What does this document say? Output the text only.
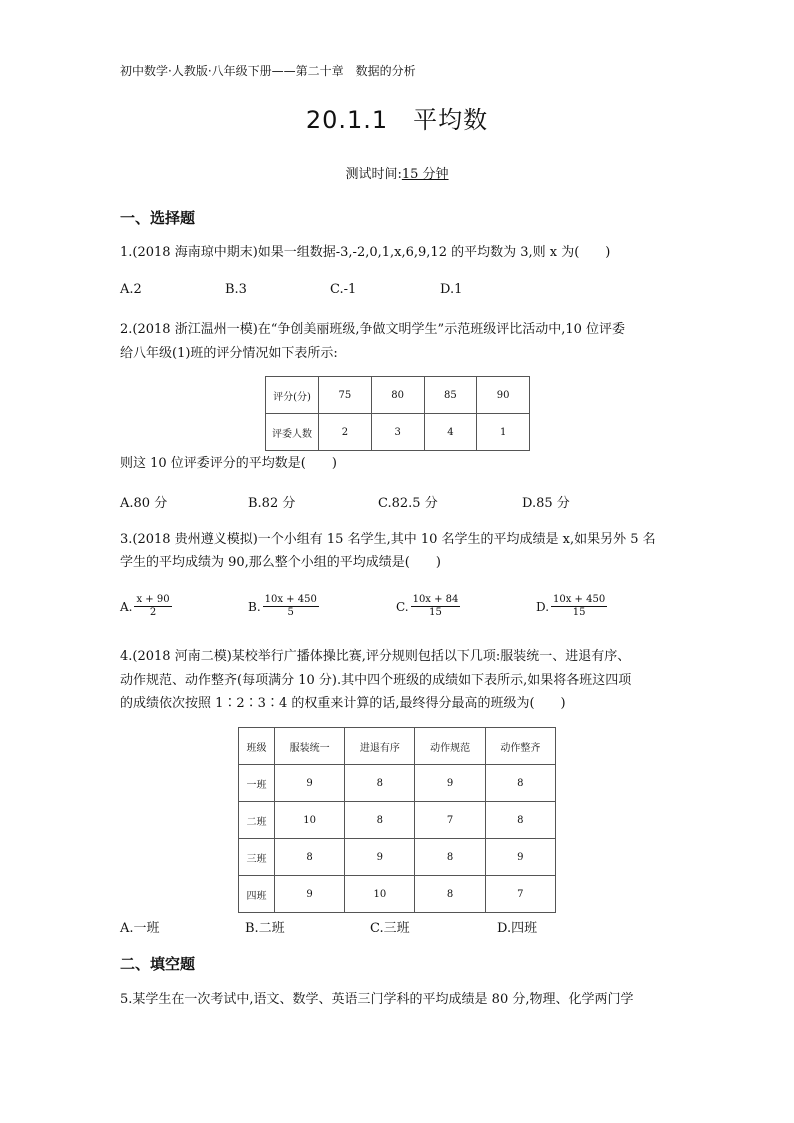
初中数学·人教版·八年级下册——第二十章　数据的分析
20.1.1　平均数
测试时间:15 分钟
一、选择题
1.(2018 海南琼中期末)如果一组数据-3,-2,0,1,x,6,9,12 的平均数为 3,则 x 为(　　)
A.2	B.3	C.-1	D.1
2.(2018 浙江温州一模)在“争创美丽班级,争做文明学生”示范班级评比活动中,10 位评委
给八年级(1)班的评分情况如下表所示:
评分(分)	75	80	85	90
评委人数	2	3	4	1
则这 10 位评委评分的平均数是(　　)
A.80 分	B.82 分	C.82.5 分	D.85 分
3.(2018 贵州遵义模拟)一个小组有 15 名学生,其中 10 名学生的平均成绩是 x,如果另外 5 名
学生的平均成绩为 90,那么整个小组的平均成绩是(　　)
A. $\frac{x + 90}{2}$	B. $\frac{10x + 450}{5}$	C. $\frac{10x + 84}{15}$	D. $\frac{10x + 450}{15}$
4.(2018 河南二模)某校举行广播体操比赛,评分规则包括以下几项:服装统一、进退有序、
动作规范、动作整齐(每项满分 10 分).其中四个班级的成绩如下表所示,如果将各班这四项
的成绩依次按照 1∶2∶3∶4 的权重来计算的话,最终得分最高的班级为(　　)
班级	服装统一	进退有序	动作规范	动作整齐
一班	9	8	9	8
二班	10	8	7	8
三班	8	9	8	9
四班	9	10	8	7
A.一班	B.二班	C.三班	D.四班
二、填空题
5.某学生在一次考试中,语文、数学、英语三门学科的平均成绩是 80 分,物理、化学两门学
